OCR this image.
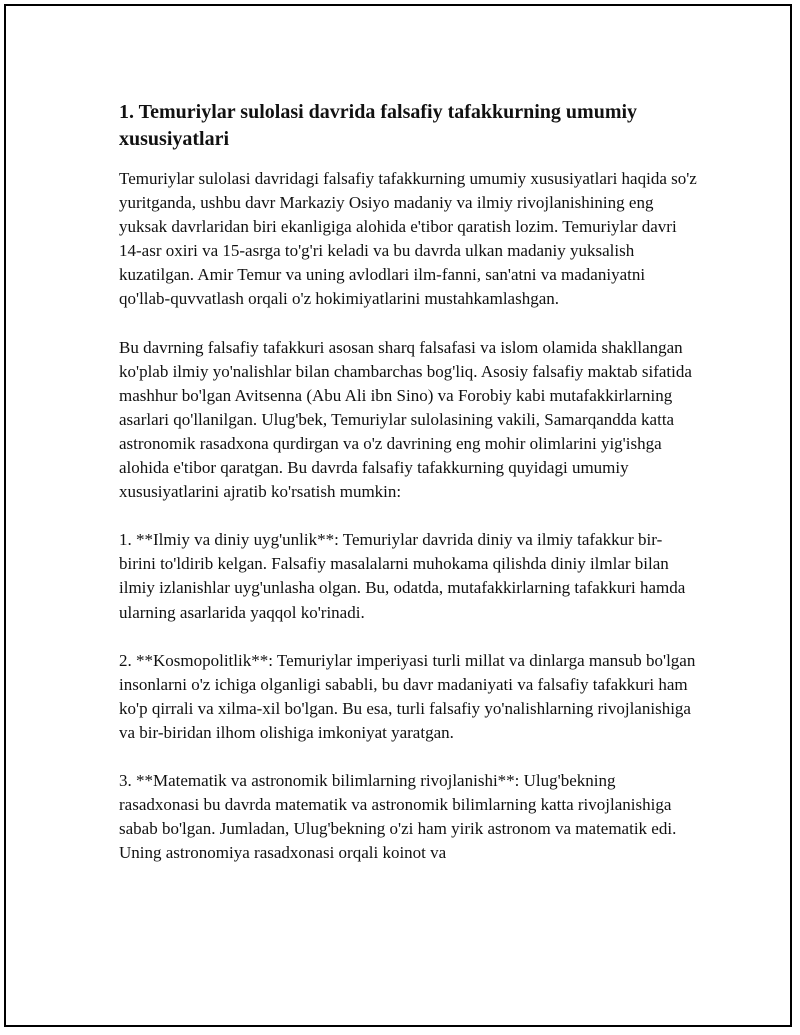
1. Temuriylar sulolasi davrida falsafiy tafakkurning umumiy xususiyatlari

Temuriylar sulolasi davridagi falsafiy tafakkurning umumiy xususiyatlari haqida so'z yuritganda, ushbu davr Markaziy Osiyo madaniy va ilmiy rivojlanishining eng yuksak davrlaridan biri ekanligiga alohida e'tibor qaratish lozim. Temuriylar davri 14-asr oxiri va 15-asrga to'g'ri keladi va bu davrda ulkan madaniy yuksalish kuzatilgan. Amir Temur va uning avlodlari ilm-fanni, san'atni va madaniyatni qo'llab-quvvatlash orqali o'z hokimiyatlarini mustahkamlashgan.

Bu davrning falsafiy tafakkuri asosan sharq falsafasi va islom olamida shakllangan ko'plab ilmiy yo'nalishlar bilan chambarchas bog'liq. Asosiy falsafiy maktab sifatida mashhur bo'lgan Avitsenna (Abu Ali ibn Sino) va Forobiy kabi mutafakkirlarning asarlari qo'llanilgan. Ulug'bek, Temuriylar sulolasining vakili, Samarqandda katta astronomik rasadxona qurdirgan va o'z davrining eng mohir olimlarini yig'ishga alohida e'tibor qaratgan. Bu davrda falsafiy tafakkurning quyidagi umumiy xususiyatlarini ajratib ko'rsatish mumkin:

1. **Ilmiy va diniy uyg'unlik**: Temuriylar davrida diniy va ilmiy tafakkur bir-birini to'ldirib kelgan. Falsafiy masalalarni muhokama qilishda diniy ilmlar bilan ilmiy izlanishlar uyg'unlasha olgan. Bu, odatda, mutafakkirlarning tafakkuri hamda ularning asarlarida yaqqol ko'rinadi.

2. **Kosmopolitlik**: Temuriylar imperiyasi turli millat va dinlarga mansub bo'lgan insonlarni o'z ichiga olganligi sababli, bu davr madaniyati va falsafiy tafakkuri ham ko'p qirrali va xilma-xil bo'lgan. Bu esa, turli falsafiy yo'nalishlarning rivojlanishiga va bir-biridan ilhom olishiga imkoniyat yaratgan.

3. **Matematik va astronomik bilimlarning rivojlanishi**: Ulug'bekning rasadxonasi bu davrda matematik va astronomik bilimlarning katta rivojlanishiga sabab bo'lgan. Jumladan, Ulug'bekning o'zi ham yirik astronom va matematik edi. Uning astronomiya rasadxonasi orqali koinot va
